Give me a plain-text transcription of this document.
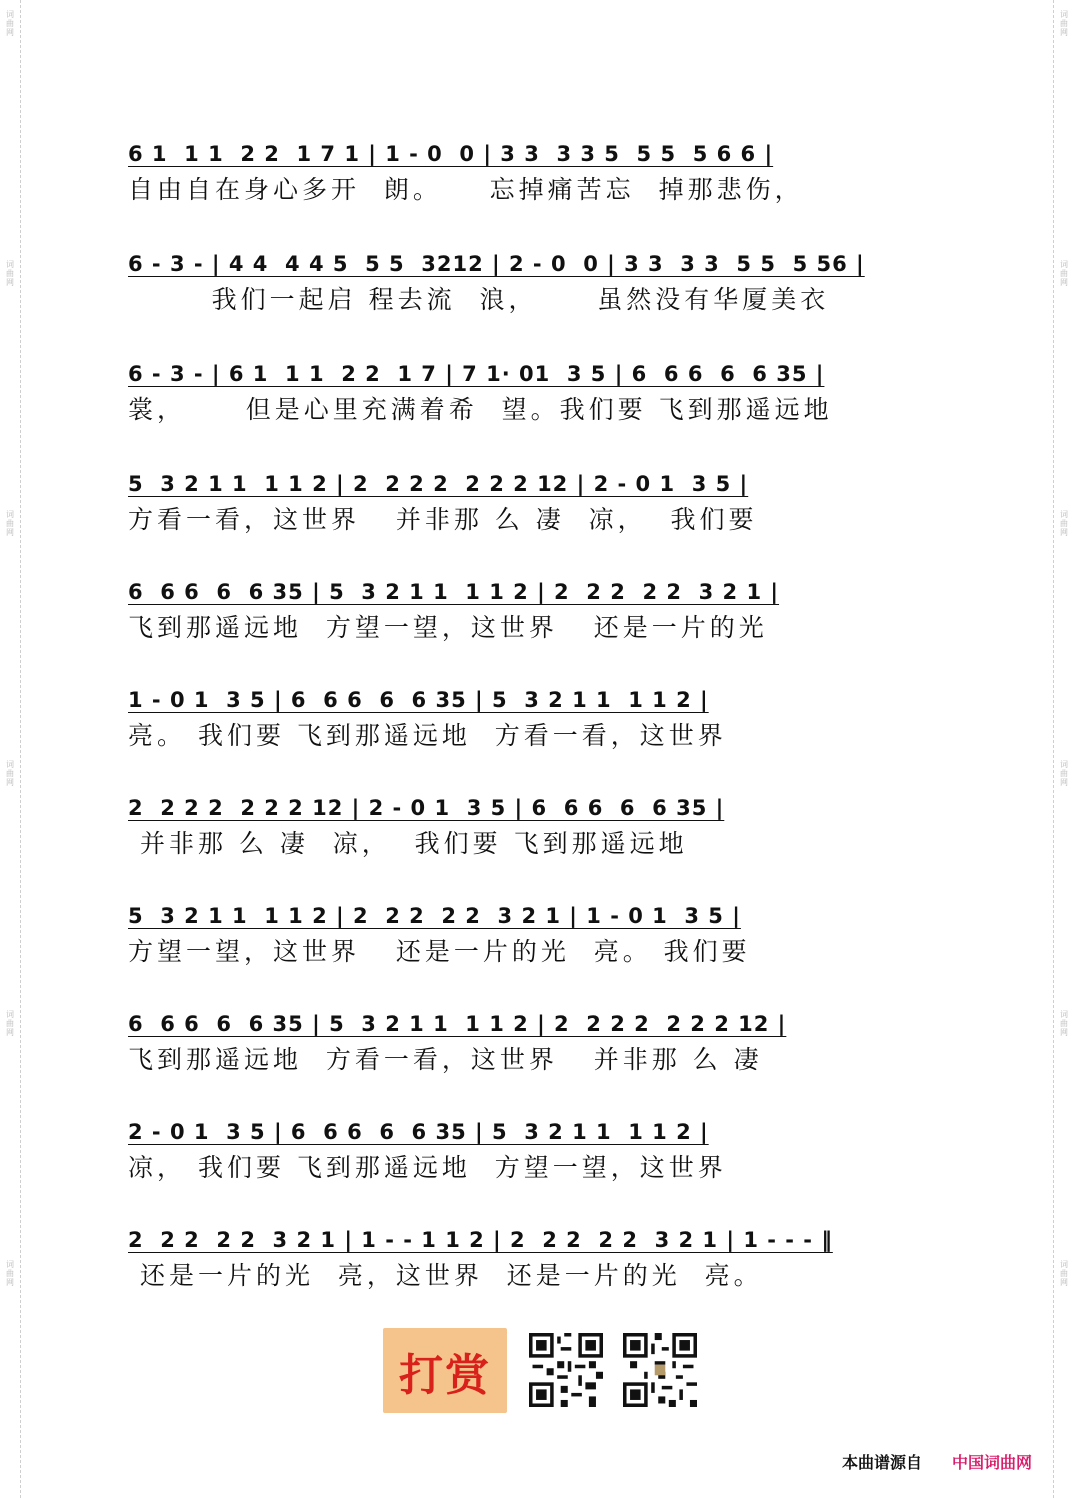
词曲网
词曲网
词曲网
词曲网
词曲网
词曲网
词曲网
词曲网
词曲网
词曲网
词曲网
词曲网
6 1  1 1  2 2  1 7 1 | 1 - 0  0 | 3 3  3 3 5  5 5  5 6 6 |
自由自在身心多开  朗。    忘掉痛苦忘  掉那悲伤，
6 - 3 - | 4 4  4 4 5  5 5  3212 | 2 - 0  0 | 3 3  3 3  5 5  5 56 |
我们一起启 程去流  浪，     虽然没有华厦美衣
6 - 3 - | 6 1  1 1  2 2  1 7 | 7 1· 01  3 5 | 6  6 6  6  6 35 |
裳，     但是心里充满着希  望。我们要 飞到那遥远地
5  3 2 1 1  1 1 2 | 2  2 2 2  2 2 2 12 | 2 - 0 1  3 5 |
方看一看，这世界   并非那 么 凄  凉，  我们要
6  6 6  6  6 35 | 5  3 2 1 1  1 1 2 | 2  2 2  2 2  3 2 1 |
飞到那遥远地  方望一望，这世界   还是一片的光
1 - 0 1  3 5 | 6  6 6  6  6 35 | 5  3 2 1 1  1 1 2 |
亮。 我们要 飞到那遥远地  方看一看，这世界
2  2 2 2  2 2 2 12 | 2 - 0 1  3 5 | 6  6 6  6  6 35 |
并非那 么 凄  凉，  我们要 飞到那遥远地
5  3 2 1 1  1 1 2 | 2  2 2  2 2  3 2 1 | 1 - 0 1  3 5 |
方望一望，这世界   还是一片的光  亮。 我们要
6  6 6  6  6 35 | 5  3 2 1 1  1 1 2 | 2  2 2 2  2 2 2 12 |
飞到那遥远地  方看一看，这世界   并非那 么 凄
2 - 0 1  3 5 | 6  6 6  6  6 35 | 5  3 2 1 1  1 1 2 |
凉， 我们要 飞到那遥远地  方望一望，这世界
2  2 2  2 2  3 2 1 | 1 - - 1 1 2 | 2  2 2  2 2  3 2 1 | 1 - - - ‖
还是一片的光  亮，这世界  还是一片的光  亮。
打赏
本曲谱源自 中国词曲网
